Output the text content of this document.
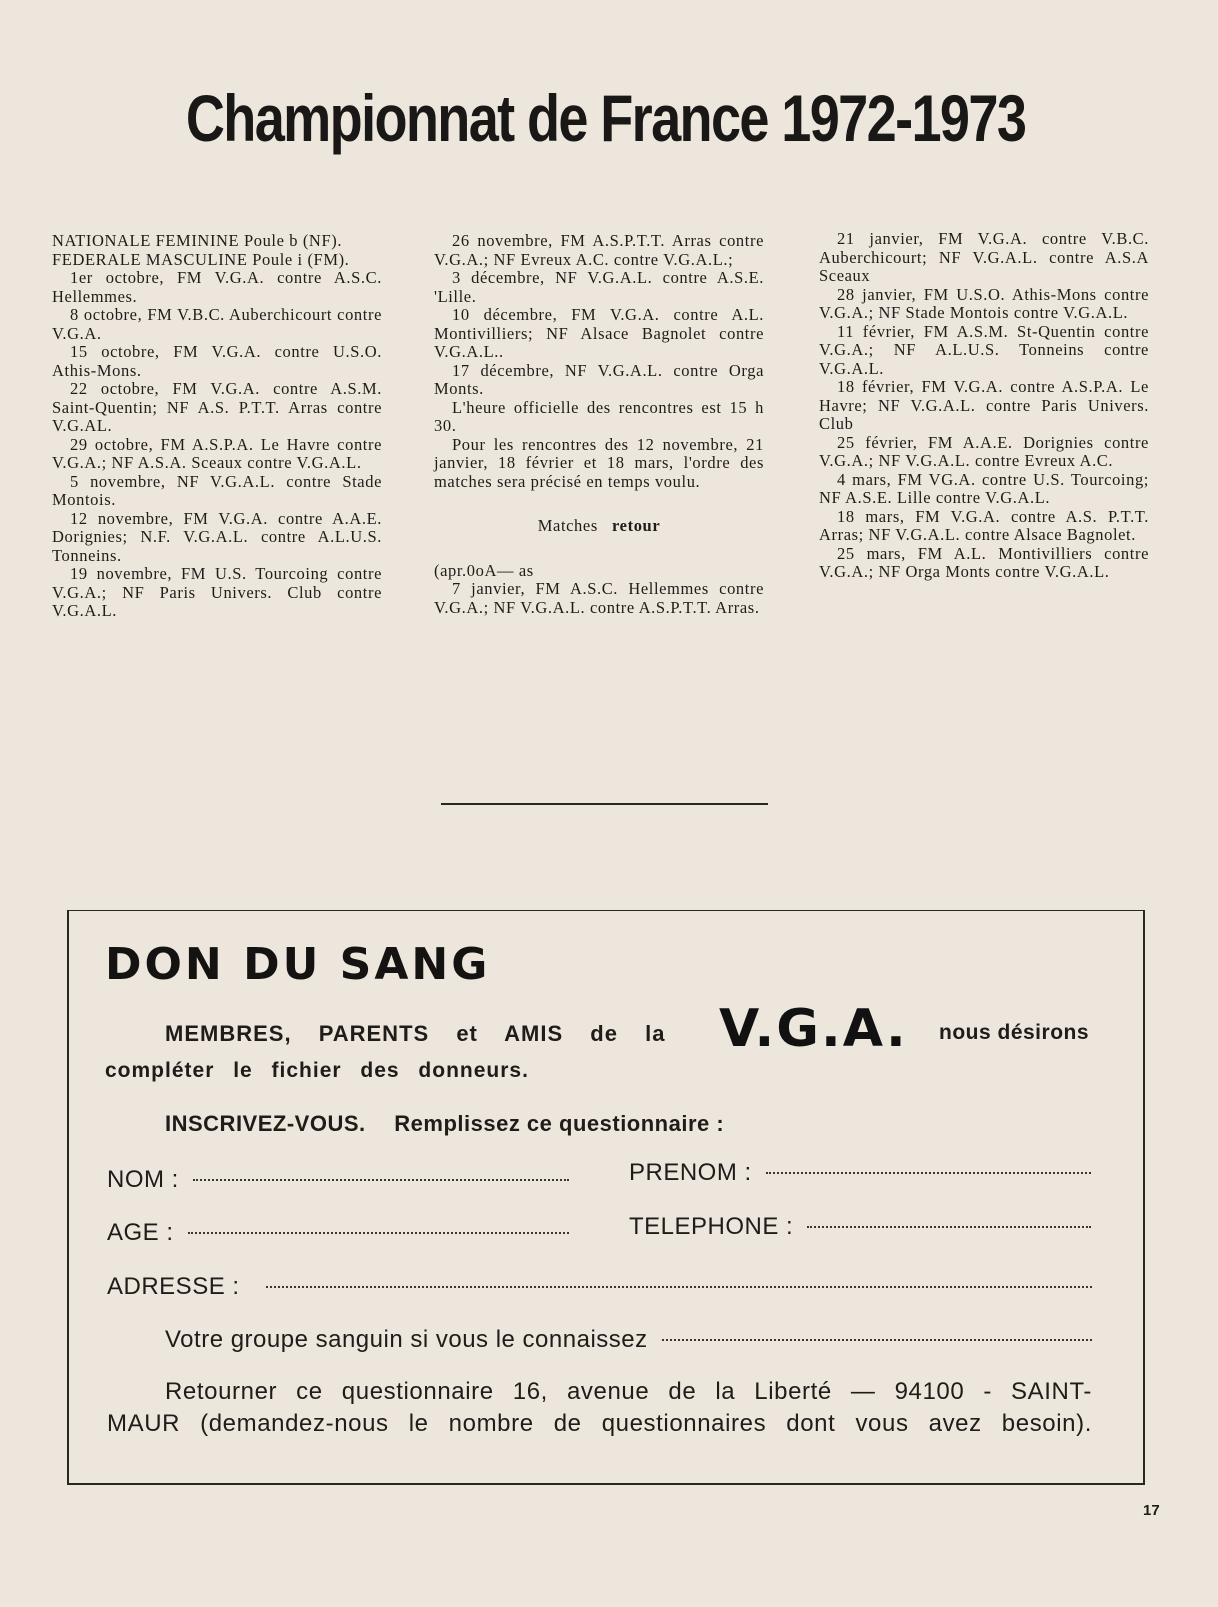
Championnat de France 1972-1973

NATIONALE FEMININE Poule b (NF).

FEDERALE MASCULINE Poule i (FM).

1er octobre, FM V.G.A. contre A.S.C. Hellemmes.

8 octobre, FM V.B.C. Auberchicourt contre V.G.A.

15 octobre, FM V.G.A. contre U.S.O. Athis-Mons.

22 octobre, FM V.G.A. contre A.S.M. Saint-Quentin; NF A.S. P.T.T. Arras contre V.G.AL.

29 octobre, FM A.S.P.A. Le Havre contre V.G.A.; NF A.S.A. Sceaux contre V.G.A.L.

5 novembre, NF V.G.A.L. contre Stade Montois.

12 novembre, FM V.G.A. contre A.A.E. Dorignies; N.F. V.G.A.L. contre A.L.U.S. Tonneins.

19 novembre, FM U.S. Tourcoing contre V.G.A.; NF Paris Univers. Club contre V.G.A.L.

26 novembre, FM A.S.P.T.T. Arras contre V.G.A.; NF Evreux A.C. contre V.G.A.L.;

3 décembre, NF V.G.A.L. contre A.S.E. 'Lille.

10 décembre, FM V.G.A. contre A.L. Montivilliers; NF Alsace Bagnolet contre V.G.A.L..

17 décembre, NF V.G.A.L. contre Orga Monts.

L'heure officielle des rencontres est 15 h 30.

Pour les rencontres des 12 novembre, 21 janvier, 18 février et 18 mars, l'ordre des matches sera précisé en temps voulu.

Matches retour

(apr.0oA— as

7 janvier, FM A.S.C. Hellemmes contre V.G.A.; NF V.G.A.L. contre A.S.P.T.T. Arras.

21 janvier, FM V.G.A. contre V.B.C. Auberchicourt; NF V.G.A.L. contre A.S.A Sceaux

28 janvier, FM U.S.O. Athis-Mons contre V.G.A.; NF Stade Montois contre V.G.A.L.

11 février, FM A.S.M. St-Quentin contre V.G.A.; NF A.L.U.S. Tonneins contre V.G.A.L.

18 février, FM V.G.A. contre A.S.P.A. Le Havre; NF V.G.A.L. contre Paris Univers. Club

25 février, FM A.A.E. Dorignies contre V.G.A.; NF V.G.A.L. contre Evreux A.C.

4 mars, FM VG.A. contre U.S. Tourcoing; NF A.S.E. Lille contre V.G.A.L.

18 mars, FM V.G.A. contre A.S. P.T.T. Arras; NF V.G.A.L. contre Alsace Bagnolet.

25 mars, FM A.L. Montivilliers contre V.G.A.; NF Orga Monts contre V.G.A.L.

DON DU SANG
MEMBRES, PARENTS et AMIS de la	V.G.A. nous désirons
compléter le fichier des donneurs.
INSCRIVEZ-VOUS. Remplissez ce questionnaire :
NOM :	PRENOM :
AGE :	TELEPHONE :
ADRESSE :
Votre groupe sanguin si vous le connaissez
Retourner ce questionnaire 16, avenue de la Liberté — 94100 - SAINT-
MAUR (demandez-nous le nombre de questionnaires dont vous avez besoin).
17
